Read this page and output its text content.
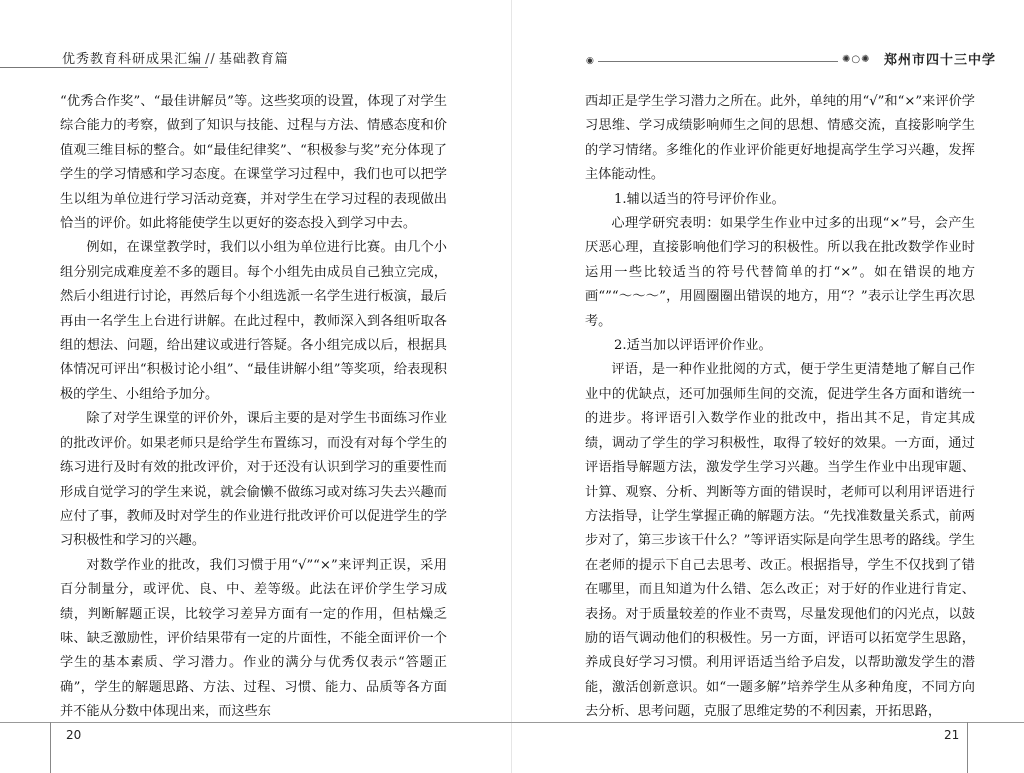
优秀教育科研成果汇编 // 基础教育篇

“优秀合作奖”、“最佳讲解员”等。这些奖项的设置，体现了对学生综合能力的考察，做到了知识与技能、过程与方法、情感态度和价值观三维目标的整合。如“最佳纪律奖”、“积极参与奖”充分体现了学生的学习情感和学习态度。在课堂学习过程中，我们也可以把学生以组为单位进行学习活动竞赛，并对学生在学习过程的表现做出恰当的评价。如此将能使学生以更好的姿态投入到学习中去。

例如，在课堂教学时，我们以小组为单位进行比赛。由几个小组分别完成难度差不多的题目。每个小组先由成员自己独立完成，然后小组进行讨论，再然后每个小组选派一名学生进行板演，最后再由一名学生上台进行讲解。在此过程中，教师深入到各组听取各组的想法、问题，给出建议或进行答疑。各小组完成以后，根据具体情况可评出“积极讨论小组”、“最佳讲解小组”等奖项，给表现积极的学生、小组给予加分。

除了对学生课堂的评价外，课后主要的是对学生书面练习作业的批改评价。如果老师只是给学生布置练习，而没有对每个学生的练习进行及时有效的批改评价，对于还没有认识到学习的重要性而形成自觉学习的学生来说，就会偷懒不做练习或对练习失去兴趣而应付了事，教师及时对学生的作业进行批改评价可以促进学生的学习积极性和学习的兴趣。

对数学作业的批改，我们习惯于用“√”“×”来评判正误，采用百分制量分，或评优、良、中、差等级。此法在评价学生学习成绩，判断解题正误，比较学习差异方面有一定的作用，但枯燥乏味、缺乏激励性，评价结果带有一定的片面性，不能全面评价一个学生的基本素质、学习潜力。作业的满分与优秀仅表示“答题正确”，学生的解题思路、方法、过程、习惯、能力、品质等各方面并不能从分数中体现出来，而这些东

20
◉	✺○✺ 郑州市四十三中学

西却正是学生学习潜力之所在。此外，单纯的用“√”和“×”来评价学习思维、学习成绩影响师生之间的思想、情感交流，直接影响学生的学习情绪。多维化的作业评价能更好地提高学生学习兴趣，发挥主体能动性。

1.辅以适当的符号评价作业。

心理学研究表明：如果学生作业中过多的出现“×”号，会产生厌恶心理，直接影响他们学习的积极性。所以我在批改数学作业时运用一些比较适当的符号代替简单的打“×”。如在错误的地方画“”“～～～”，用圆圈圈出错误的地方，用“？”表示让学生再次思考。

2.适当加以评语评价作业。

评语，是一种作业批阅的方式，便于学生更清楚地了解自己作业中的优缺点，还可加强师生间的交流，促进学生各方面和谐统一的进步。将评语引入数学作业的批改中，指出其不足，肯定其成绩，调动了学生的学习积极性，取得了较好的效果。一方面，通过评语指导解题方法，激发学生学习兴趣。当学生作业中出现审题、计算、观察、分析、判断等方面的错误时，老师可以利用评语进行方法指导，让学生掌握正确的解题方法。“先找准数量关系式，前两步对了，第三步该干什么？”等评语实际是向学生思考的路线。学生在老师的提示下自己去思考、改正。根据指导，学生不仅找到了错在哪里，而且知道为什么错、怎么改正；对于好的作业进行肯定、表扬。对于质量较差的作业不责骂，尽量发现他们的闪光点，以鼓励的语气调动他们的积极性。另一方面，评语可以拓宽学生思路，养成良好学习习惯。利用评语适当给予启发，以帮助激发学生的潜能，激活创新意识。如“一题多解”培养学生从多种角度，不同方向去分析、思考问题，克服了思维定势的不利因素，开拓思路，

21
